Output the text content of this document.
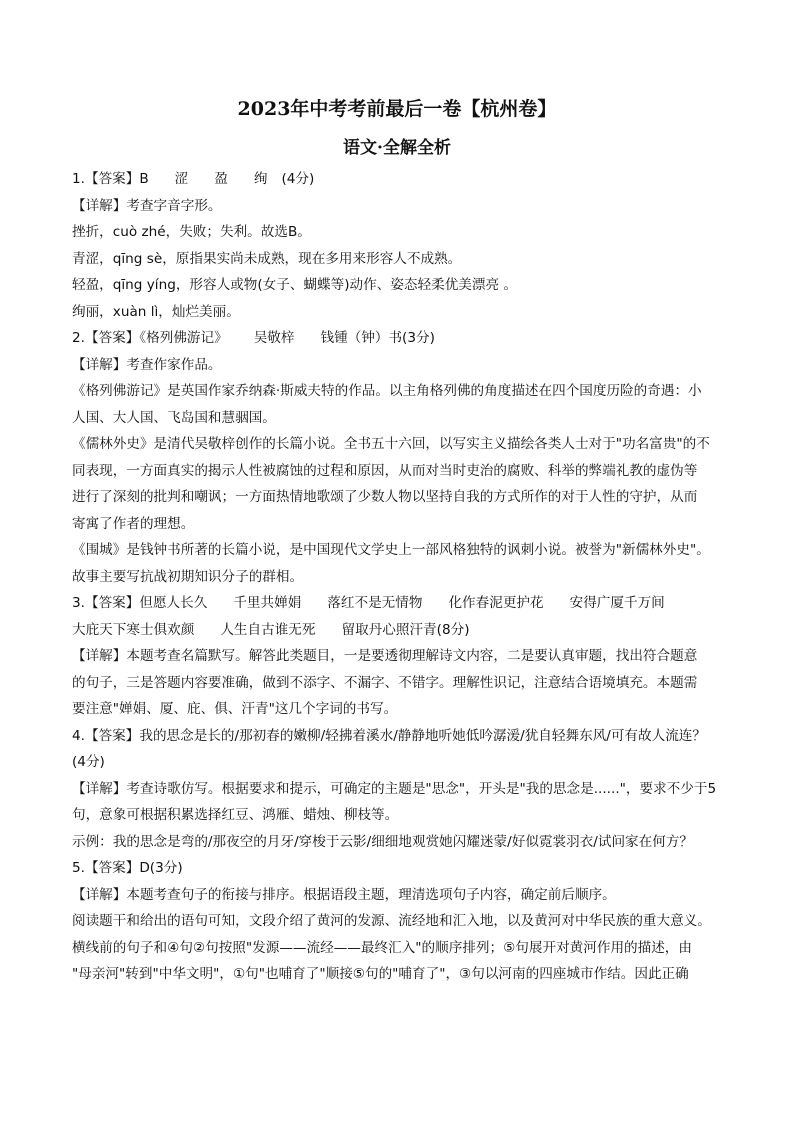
2023年中考考前最后一卷【杭州卷】
语文·全解全析
1.【答案】B 涩 盈 绚 (4分)
【详解】考查字音字形。
挫折，cuò zhé，失败；失利。故选B。
青涩，qīng sè，原指果实尚未成熟，现在多用来形容人不成熟。
轻盈，qīng yíng，形容人或物(女子、蝴蝶等)动作、姿态轻柔优美漂亮 。
绚丽，xuàn lì，灿烂美丽。
2.【答案】《格列佛游记》 吴敬梓 钱锺（钟）书(3分)
【详解】考查作家作品。
《格列佛游记》是英国作家乔纳森·斯威夫特的作品。以主角格列佛的角度描述在四个国度历险的奇遇：小
人国、大人国、飞岛国和慧骃国。
《儒林外史》是清代吴敬梓创作的长篇小说。全书五十六回，以写实主义描绘各类人士对于"功名富贵"的不
同表现，一方面真实的揭示人性被腐蚀的过程和原因，从而对当时吏治的腐败、科举的弊端礼教的虚伪等
进行了深刻的批判和嘲讽；一方面热情地歌颂了少数人物以坚持自我的方式所作的对于人性的守护，从而
寄寓了作者的理想。
《围城》是钱钟书所著的长篇小说，是中国现代文学史上一部风格独特的讽刺小说。被誉为"新儒林外史"。
故事主要写抗战初期知识分子的群相。
3.【答案】但愿人长久 千里共婵娟 落红不是无情物 化作春泥更护花 安得广厦千万间
大庇天下寒士俱欢颜 人生自古谁无死 留取丹心照汗青(8分)
【详解】本题考查名篇默写。解答此类题目，一是要透彻理解诗文内容，二是要认真审题，找出符合题意
的句子，三是答题内容要准确，做到不添字、不漏字、不错字。理解性识记，注意结合语境填充。本题需
要注意"婵娟、厦、庇、俱、汗青"这几个字词的书写。
4.【答案】我的思念是长的/那初春的嫩柳/轻拂着溪水/静静地听她低吟潺湲/犹自轻舞东风/可有故人流连？
(4分)
【详解】考查诗歌仿写。根据要求和提示，可确定的主题是"思念"，开头是"我的思念是......"，要求不少于5
句，意象可根据积累选择红豆、鸿雁、蜡烛、柳枝等。
示例：我的思念是弯的/那夜空的月牙/穿梭于云影/细细地观赏她闪耀迷蒙/好似霓裳羽衣/试问家在何方？
5.【答案】D(3分)
【详解】本题考查句子的衔接与排序。根据语段主题，理清选项句子内容，确定前后顺序。
阅读题干和给出的语句可知，文段介绍了黄河的发源、流经地和汇入地，以及黄河对中华民族的重大意义。
横线前的句子和④句②句按照"发源——流经——最终汇入"的顺序排列；⑤句展开对黄河作用的描述，由
"母亲河"转到"中华文明"，①句"也哺育了"顺接⑤句的"哺育了"，③句以河南的四座城市作结。因此正确
